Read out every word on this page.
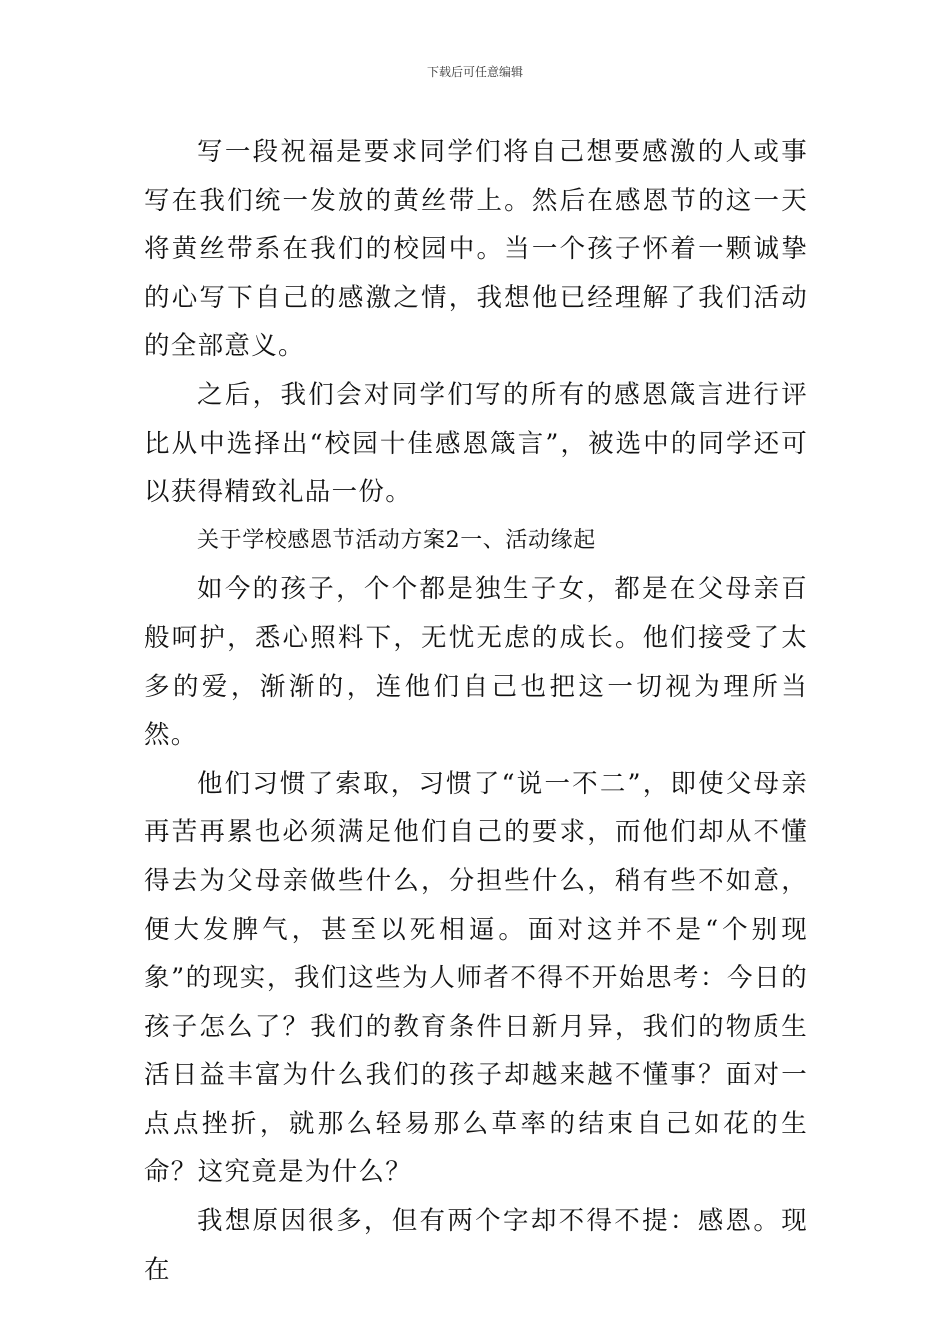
下载后可任意编辑

写一段祝福是要求同学们将自己想要感激的人或事写在我们统一发放的黄丝带上。然后在感恩节的这一天将黄丝带系在我们的校园中。当一个孩子怀着一颗诚挚的心写下自己的感激之情，我想他已经理解了我们活动的全部意义。

之后，我们会对同学们写的所有的感恩箴言进行评比从中选择出“校园十佳感恩箴言”，被选中的同学还可以获得精致礼品一份。

关于学校感恩节活动方案2一、活动缘起

如今的孩子，个个都是独生子女，都是在父母亲百般呵护，悉心照料下，无忧无虑的成长。他们接受了太多的爱，渐渐的，连他们自己也把这一切视为理所当然。

他们习惯了索取，习惯了“说一不二”，即使父母亲再苦再累也必须满足他们自己的要求，而他们却从不懂得去为父母亲做些什么，分担些什么，稍有些不如意，便大发脾气，甚至以死相逼。面对这并不是“个别现象”的现实，我们这些为人师者不得不开始思考：今日的孩子怎么了？我们的教育条件日新月异，我们的物质生活日益丰富为什么我们的孩子却越来越不懂事？面对一点点挫折，就那么轻易那么草率的结束自己如花的生命？这究竟是为什么？

我想原因很多，但有两个字却不得不提：感恩。现在
